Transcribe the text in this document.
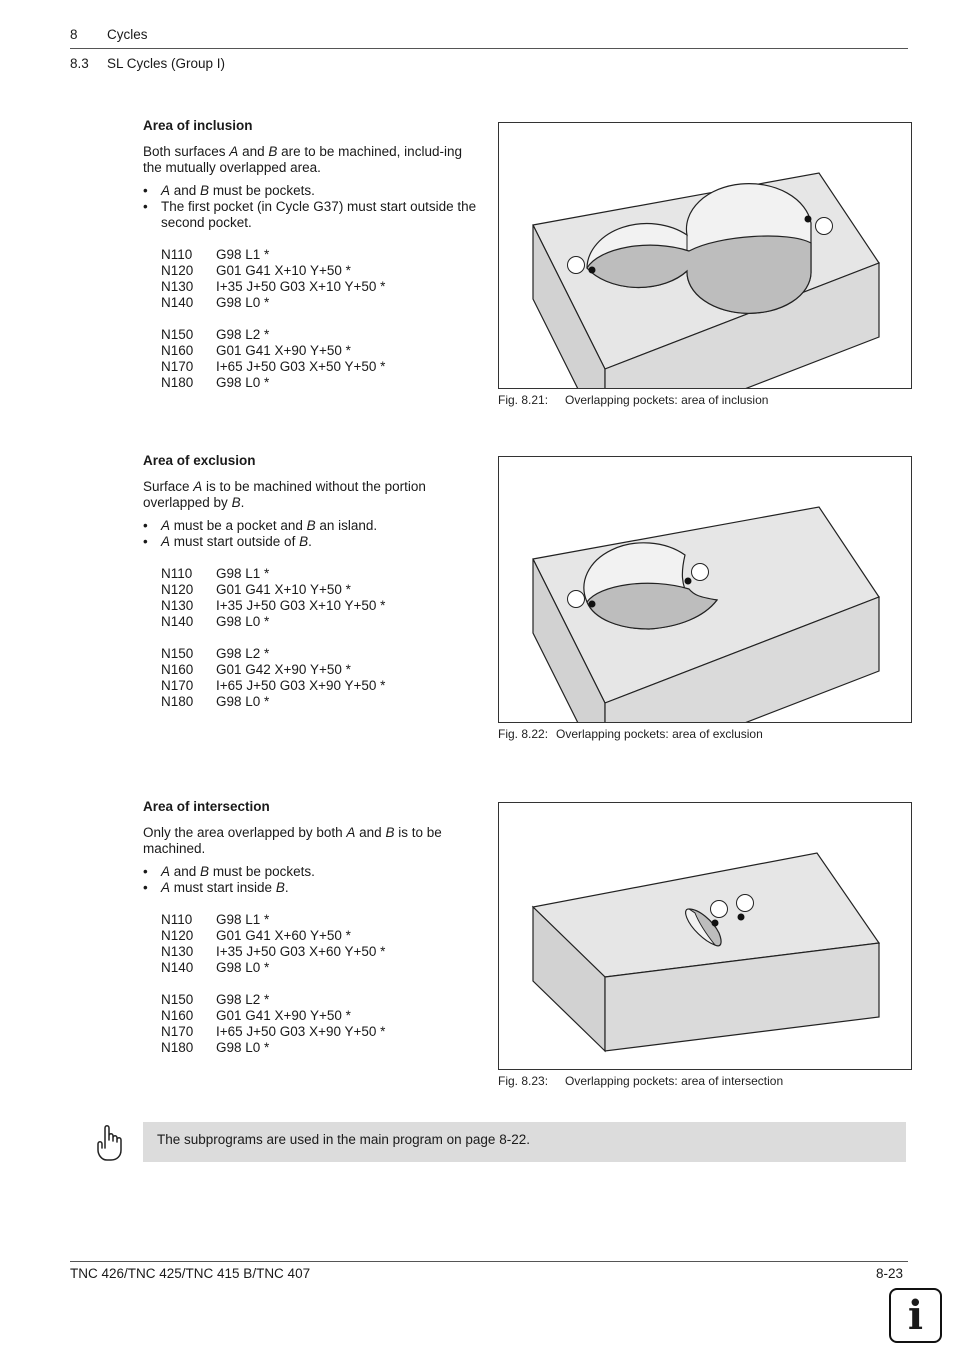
8 Cycles
8.3 SL Cycles (Group I)
Area of inclusion

Both surfaces A and B are to be machined, includ-ing the mutually overlapped area.

• A and B must be pockets.
• The first pocket (in Cycle G37) must start outside the second pocket.
N110	G98 L1 *
N120	G01 G41 X+10 Y+50 *
N130	I+35 J+50 G03 X+10 Y+50 *
N140	G98 L0 *
N150	G98 L2 *
N160	G01 G41 X+90 Y+50 *
N170	I+65 J+50 G03 X+50 Y+50 *
N180	G98 L0 *
Fig. 8.21: Overlapping pockets: area of inclusion
Area of exclusion

Surface A is to be machined without the portion overlapped by B.

• A must be a pocket and B an island.
• A must start outside of B.
N110	G98 L1 *
N120	G01 G41 X+10 Y+50 *
N130	I+35 J+50 G03 X+10 Y+50 *
N140	G98 L0 *
N150	G98 L2 *
N160	G01 G42 X+90 Y+50 *
N170	I+65 J+50 G03 X+90 Y+50 *
N180	G98 L0 *
Fig. 8.22: Overlapping pockets: area of exclusion
Area of intersection

Only the area overlapped by both A and B is to be machined.

• A and B must be pockets.
• A must start inside B.
N110	G98 L1 *
N120	G01 G41 X+60 Y+50 *
N130	I+35 J+50 G03 X+60 Y+50 *
N140	G98 L0 *
N150	G98 L2 *
N160	G01 G41 X+90 Y+50 *
N170	I+65 J+50 G03 X+90 Y+50 *
N180	G98 L0 *
Fig. 8.23: Overlapping pockets: area of intersection
The subprograms are used in the main program on page 8-22.
TNC 426/TNC 425/TNC 415 B/TNC 407	8-23
i
